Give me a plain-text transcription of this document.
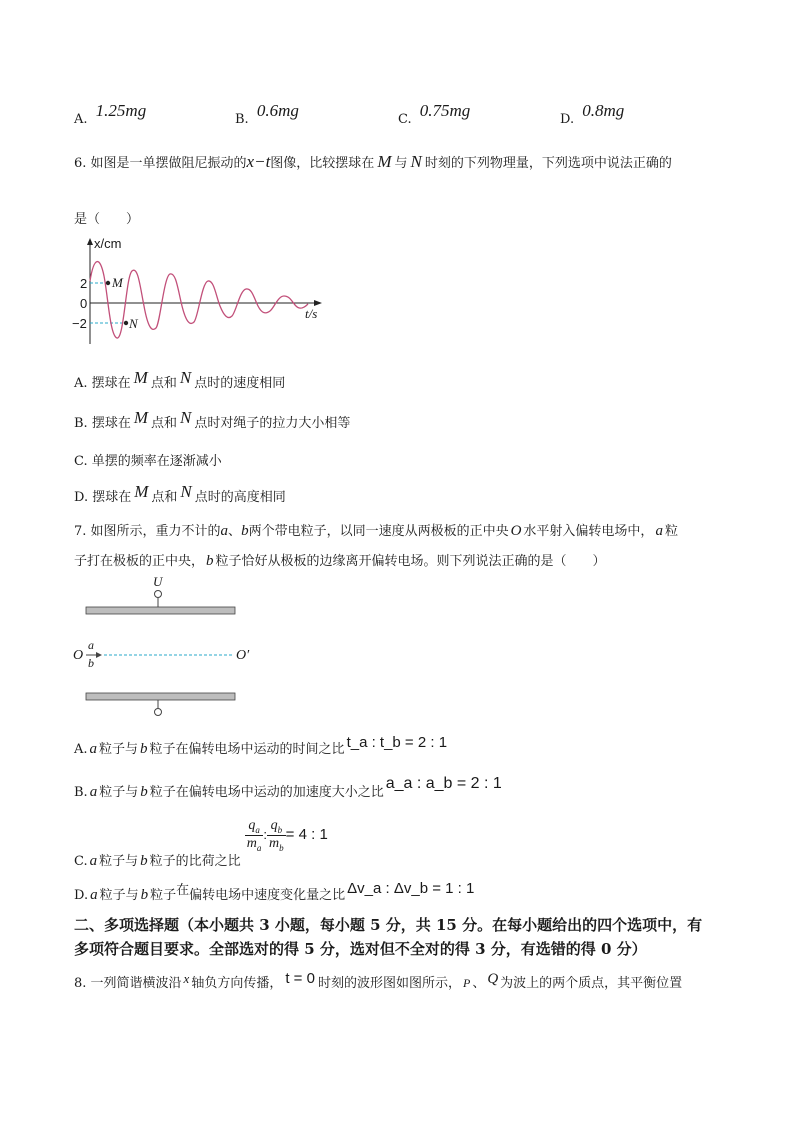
A. 1.25mg	B. 0.6mg	C. 0.75mg	D. 0.8mg
6. 如图是一单摆做阻尼振动的x−t图像，比较摆球在 M 与 N 时刻的下列物理量，下列选项中说法正确的
是（　　）
x/cm
2
0
−2
M
N
t/s
A. 摆球在 M 点和 N 点时的速度相同
B. 摆球在 M 点和 N 点时对绳子的拉力大小相等
C. 单摆的频率在逐渐减小
D. 摆球在 M 点和 N 点时的高度相同
7. 如图所示，重力不计的a、b两个带电粒子，以同一速度从两极板的正中央 O 水平射入偏转电场中， a 粒
子打在极板的正中央， b 粒子恰好从极板的边缘离开偏转电场。则下列说法正确的是（　　）
U
O
a
b	O′
A. a 粒子与 b 粒子在偏转电场中运动的时间之比 t_a : t_b = 2 : 1
B. a 粒子与 b 粒子在偏转电场中运动的加速度大小之比a_a : a_b = 2 : 1
C. a 粒子与 b 粒子的比荷之比
$\frac{q_a}{m_a}$ : $\frac{q_b}{m_b} = 4$ : 1
D. a 粒子与 b 粒子在偏转电场中速度变化量之比 Δv_a : Δv_b = 1 : 1
二、多项选择题（本小题共 3 小题，每小题 5 分，共 15 分。在每小题给出的四个选项中，有
多项符合题目要求。全部选对的得 5 分，选对但不全对的得 3 分，有选错的得 0 分）
8. 一列简谐横波沿 x 轴负方向传播， t = 0 时刻的波形图如图所示， P 、 Q 为波上的两个质点，其平衡位置
